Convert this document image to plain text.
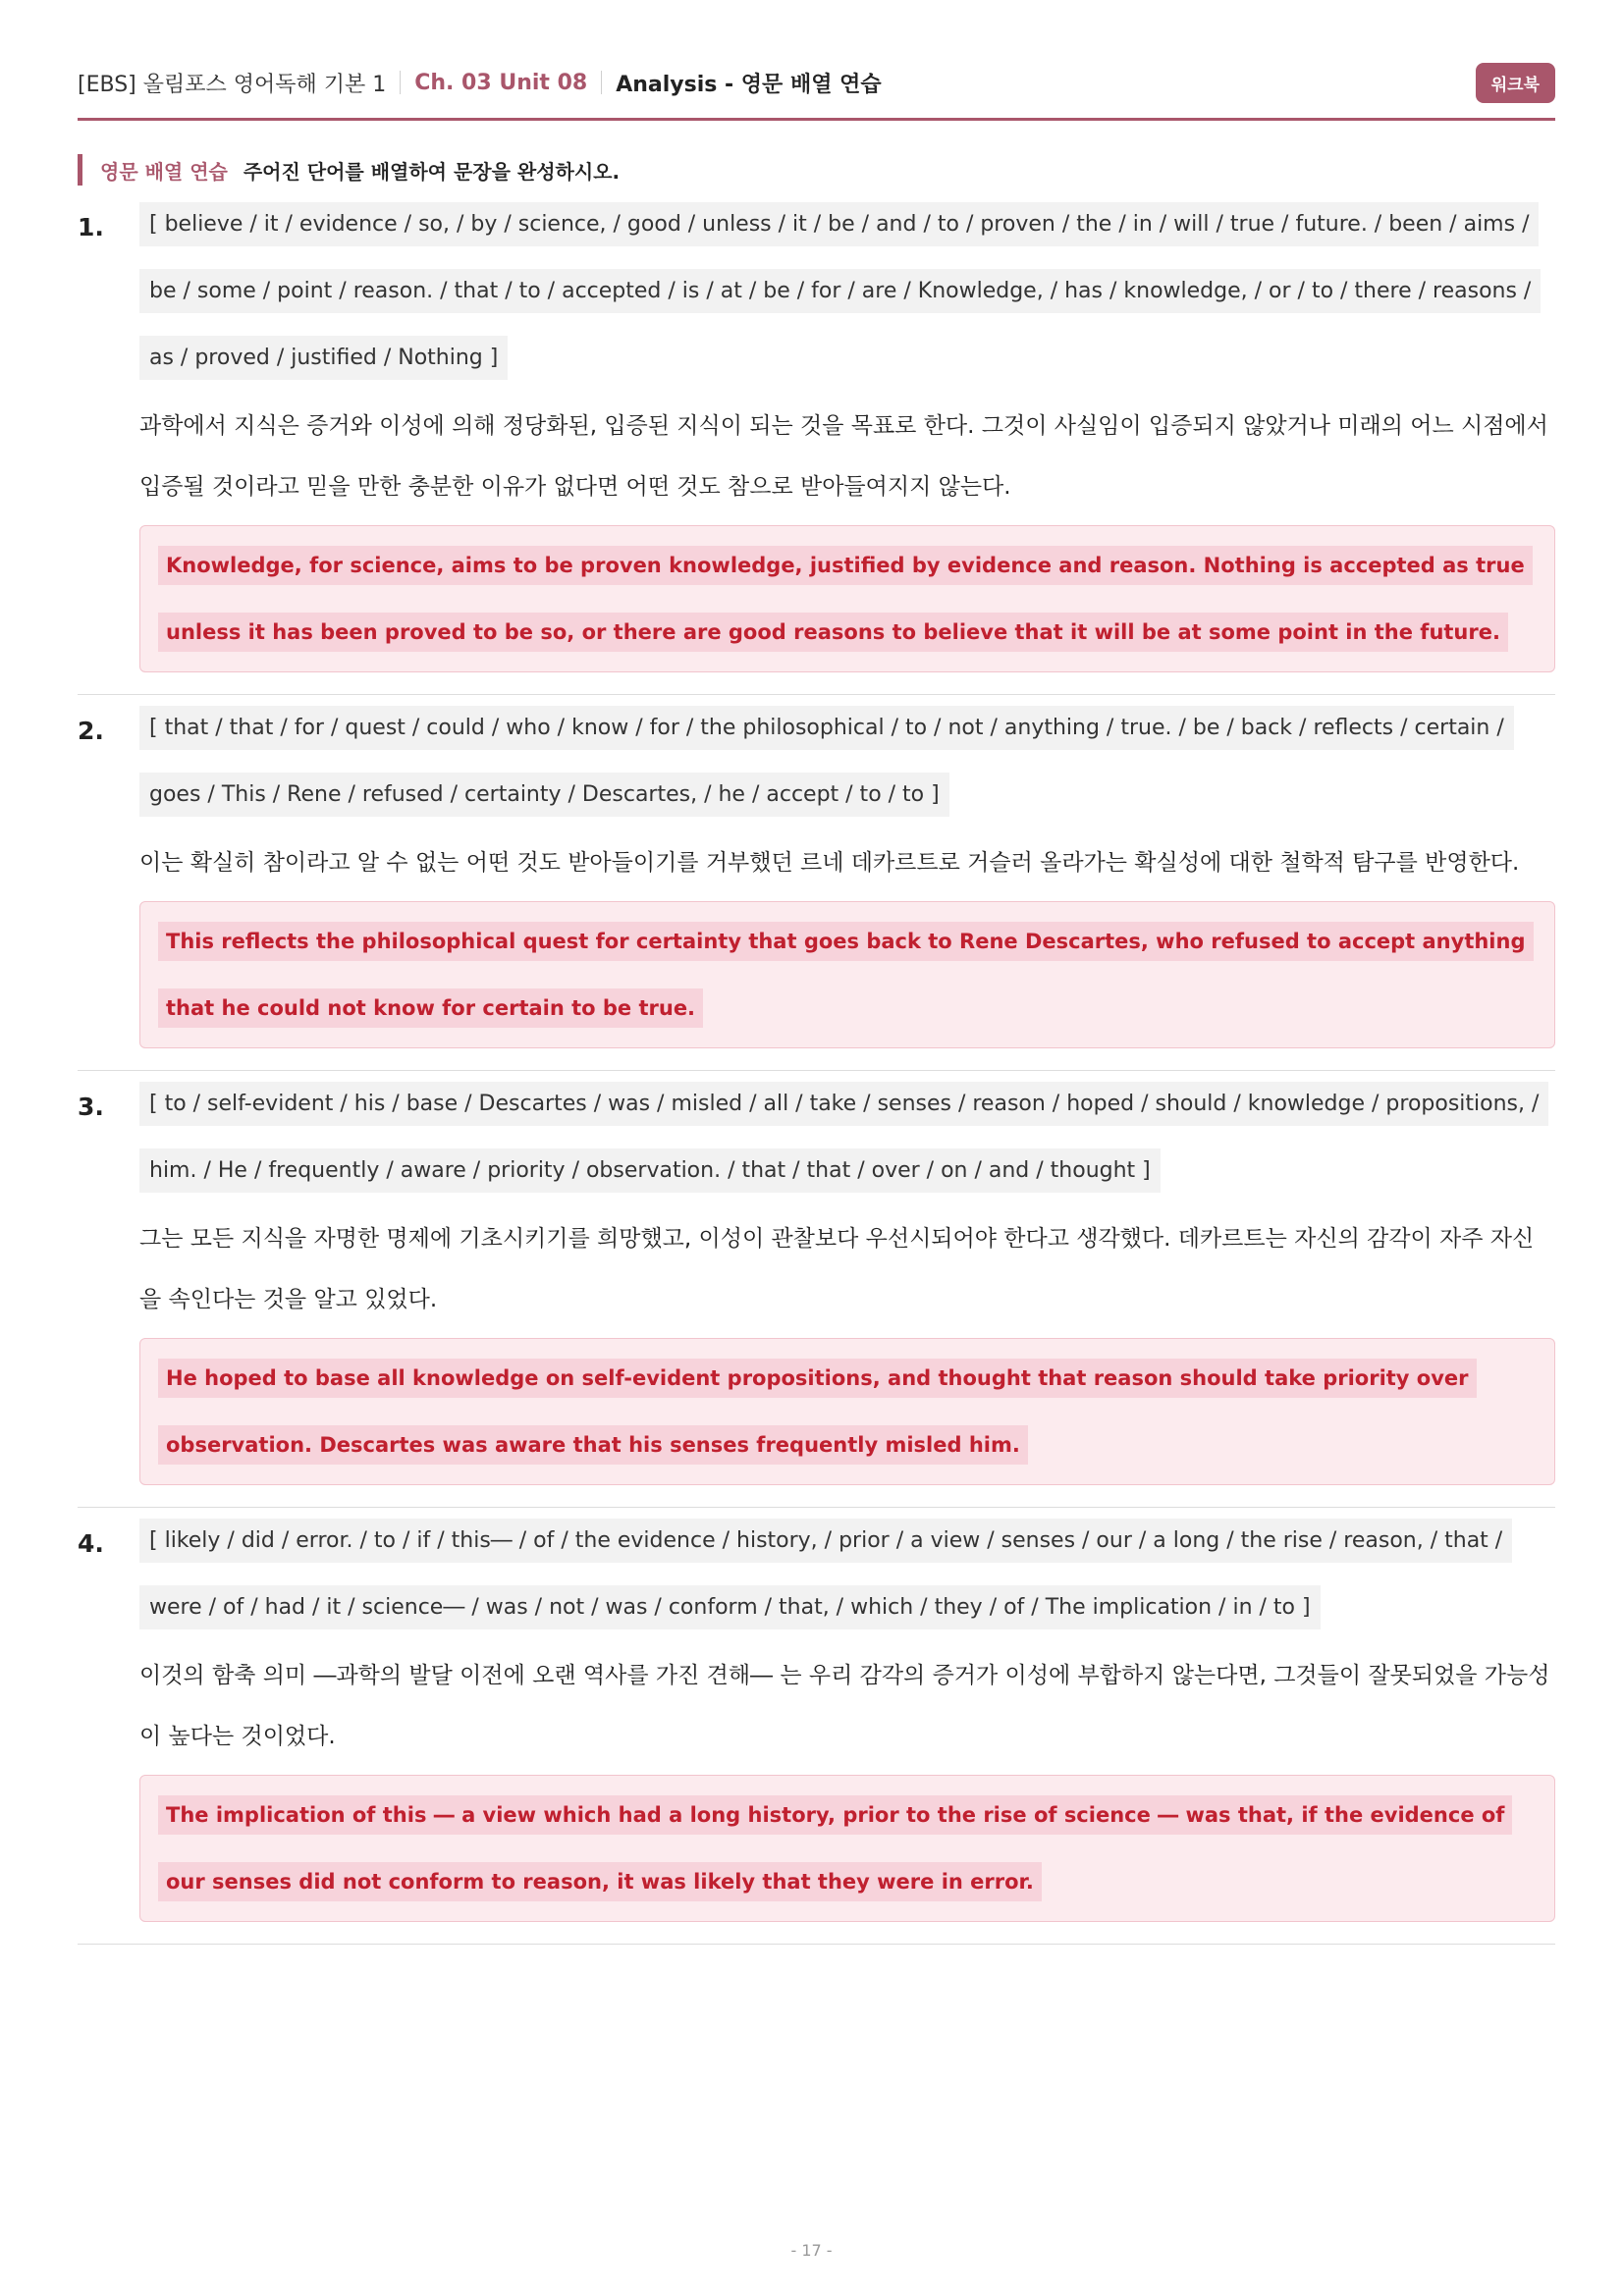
[EBS] 올림포스 영어독해 기본 1 Ch. 03 Unit 08 Analysis - 영문 배열 연습	워크북
영문 배열 연습 주어진 단어를 배열하여 문장을 완성하시오.
1.	[ believe / it / evidence / so, / by / science, / good / unless / it / be / and / to / proven / the / in / will / true / future. / been / aims / be / some / point / reason. / that / to / accepted / is / at / be / for / are / Knowledge, / has / knowledge, / or / to / there / reasons / as / proved / justified / Nothing ]
과학에서 지식은 증거와 이성에 의해 정당화된, 입증된 지식이 되는 것을 목표로 한다. 그것이 사실임이 입증되지 않았거나 미래의 어느 시점에서 입증될 것이라고 믿을 만한 충분한 이유가 없다면 어떤 것도 참으로 받아들여지지 않는다.
Knowledge, for science, aims to be proven knowledge, justified by evidence and reason. Nothing is accepted as true unless it has been proved to be so, or there are good reasons to believe that it will be at some point in the future.
2.	[ that / that / for / quest / could / who / know / for / the philosophical / to / not / anything / true. / be / back / reflects / certain / goes / This / Rene / refused / certainty / Descartes, / he / accept / to / to ]
이는 확실히 참이라고 알 수 없는 어떤 것도 받아들이기를 거부했던 르네 데카르트로 거슬러 올라가는 확실성에 대한 철학적 탐구를 반영한다.
This reflects the philosophical quest for certainty that goes back to Rene Descartes, who refused to accept anything that he could not know for certain to be true.
3.	[ to / self-evident / his / base / Descartes / was / misled / all / take / senses / reason / hoped / should / knowledge / propositions, / him. / He / frequently / aware / priority / observation. / that / that / over / on / and / thought ]
그는 모든 지식을 자명한 명제에 기초시키기를 희망했고, 이성이 관찰보다 우선시되어야 한다고 생각했다. 데카르트는 자신의 감각이 자주 자신을 속인다는 것을 알고 있었다.
He hoped to base all knowledge on self-evident propositions, and thought that reason should take priority over observation. Descartes was aware that his senses frequently misled him.
4.	[ likely / did / error. / to / if / this― / of / the evidence / history, / prior / a view / senses / our / a long / the rise / reason, / that / were / of / had / it / science― / was / not / was / conform / that, / which / they / of / The implication / in / to ]
이것의 함축 의미 ―과학의 발달 이전에 오랜 역사를 가진 견해― 는 우리 감각의 증거가 이성에 부합하지 않는다면, 그것들이 잘못되었을 가능성이 높다는 것이었다.
The implication of this ― a view which had a long history, prior to the rise of science ― was that, if the evidence of our senses did not conform to reason, it was likely that they were in error.
- 17 -
